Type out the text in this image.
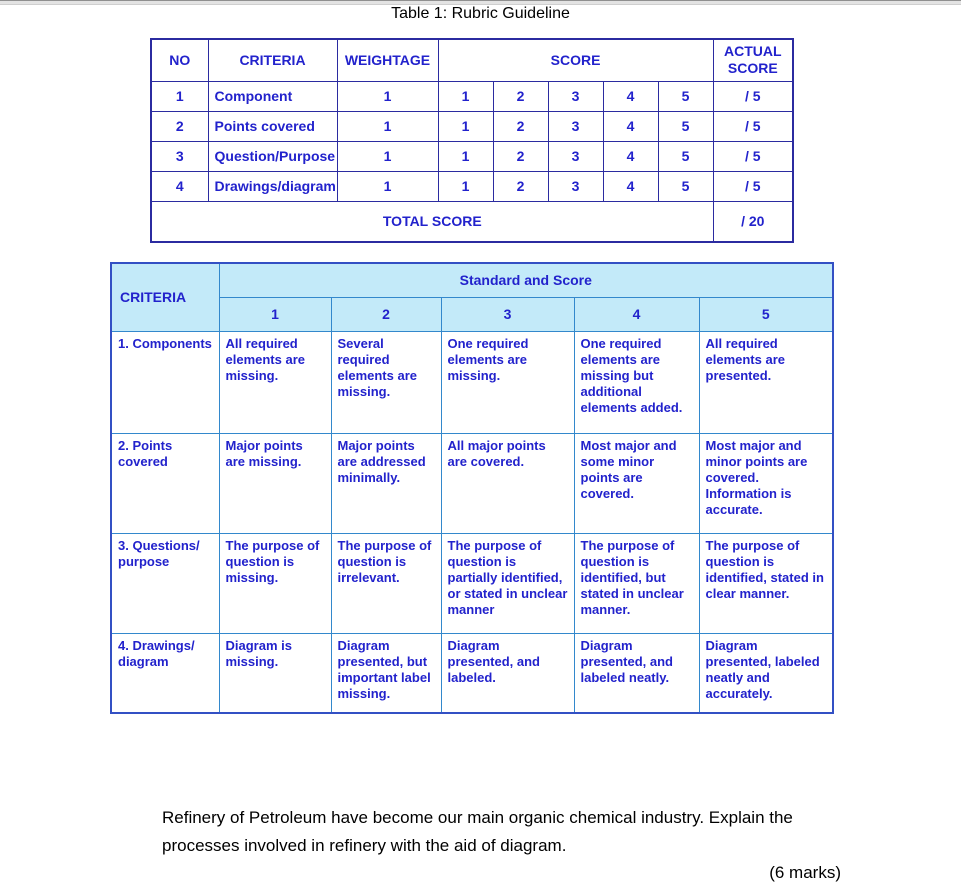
Table 1: Rubric Guideline
NO	CRITERIA	WEIGHTAGE	SCORE					ACTUAL SCORE
1	Component	1	1	2	3	4	5	/ 5
2	Points covered	1	1	2	3	4	5	/ 5
3	Question/Purpose	1	1	2	3	4	5	/ 5
4	Drawings/diagram	1	1	2	3	4	5	/ 5
TOTAL SCORE								/ 20
CRITERIA	Standard and Score				
	1	2	3	4	5
1. Components	All required elements are missing.	Several required elements are missing.	One required elements are missing.	One required elements are missing but additional elements added.	All required elements are presented.
2. Points covered	Major points are missing.	Major points are addressed minimally.	All major points are covered.	Most major and some minor points are covered.	Most major and minor points are covered. Information is accurate.
3. Questions/ purpose	The purpose of question is missing.	The purpose of question is irrelevant.	The purpose of question is partially identified, or stated in unclear manner	The purpose of question is identified, but stated in unclear manner.	The purpose of question is identified, stated in clear manner.
4. Drawings/ diagram	Diagram is missing.	Diagram presented, but important label missing.	Diagram presented, and labeled.	Diagram presented, and labeled neatly.	Diagram presented, labeled neatly and accurately.
Refinery of Petroleum have become our main organic chemical industry. Explain the
processes involved in refinery with the aid of diagram.
(6 marks)
